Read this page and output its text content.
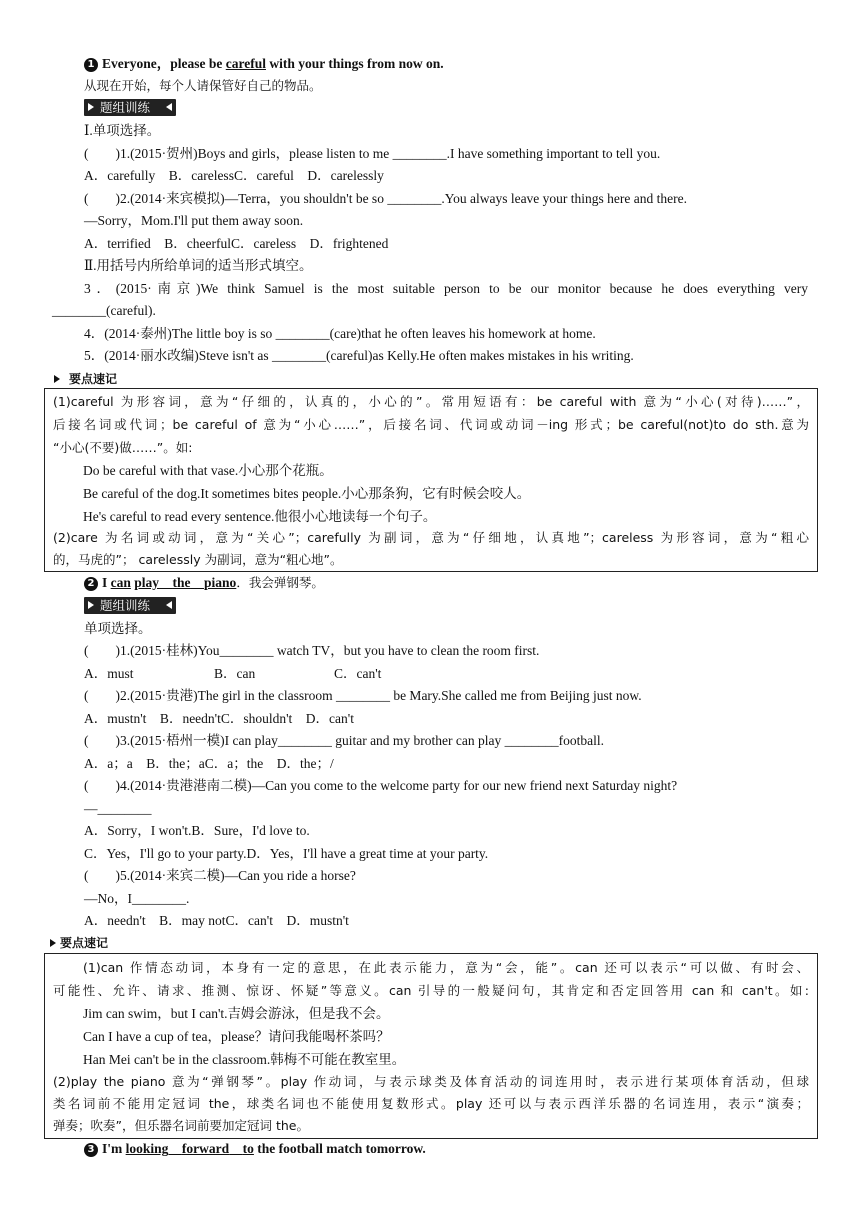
1 Everyone，please be careful with your things from now on.
从现在开始，每个人请保管好自己的物品。
题组训练
Ⅰ.单项选择。
(　　)1.(2015·贺州)Boys and girls，please listen to me ________.I have something important to tell you.
A．carefully　B．carelessC．careful　D．carelessly
(　　)2.(2014·来宾模拟)—Terra，you shouldn't be so ________.You always leave your things here and there.
—Sorry，Mom.I'll put them away soon.
A．terrified　B．cheerfulC．careless　D．frightened
Ⅱ.用括号内所给单词的适当形式填空。
3．(2015·南京)We think Samuel is the most suitable person to be our monitor because he does everything very
________(careful).
4．(2014·泰州)The little boy is so ________(care)that he often leaves his homework at home.
5．(2014·丽水改编)Steve isn't as ________(careful)as Kelly.He often makes mistakes in his writing.
要点速记
(1)careful 为形容词，意为“仔细的，认真的，小心的”。常用短语有：be careful with 意为“小心(对待)……”，
后接名词或代词；be careful of 意为“小心……”，后接名词、代词或动词－ing 形式；be careful(not)to do sth.意为
“小心(不要)做……”。如:
Do be careful with that vase.小心那个花瓶。
Be careful of the dog.It sometimes bites people.小心那条狗，它有时候会咬人。
He's careful to read every sentence.他很小心地读每一个句子。
(2)care 为名词或动词，意为“关心”；carefully 为副词，意为“仔细地，认真地”；careless 为形容词，意为“粗心
的，马虎的”； carelessly 为副词，意为“粗心地”。
2 I can play　 the　 piano．我会弹钢琴。
题组训练
单项选择。
(　　)1.(2015·桂林)You________ watch TV，but you have to clean the room first.
A．must	B．can	C．can't
(　　)2.(2015·贵港)The girl in the classroom ________ be Mary.She called me from Beijing just now.
A．mustn't　B．needn'tC．shouldn't　D．can't
(　　)3.(2015·梧州一模)I can play________ guitar and my brother can play ________football.
A．a；a　B．the；aC．a；the　D．the；/
(　　)4.(2014·贵港港南二模)—Can you come to the welcome party for our new friend next Saturday night?
—________
A．Sorry，I won't.B．Sure，I'd love to.
C．Yes，I'll go to your party.D．Yes，I'll have a great time at your party.
(　　)5.(2014·来宾二模)—Can you ride a horse?
—No，I________.
A．needn't　B．may notC．can't　D．mustn't
要点速记
(1)can 作情态动词，本身有一定的意思，在此表示能力，意为“会，能”。can 还可以表示“可以做、有时会、
可能性、允许、请求、推测、惊讶、怀疑”等意义。can 引导的一般疑问句，其肯定和否定回答用 can 和 can't。如:
Jim can swim，but I can't.吉姆会游泳，但是我不会。
Can I have a cup of tea，please？请问我能喝杯茶吗？
Han Mei can't be in the classroom.韩梅不可能在教室里。
(2)play the piano 意为“弹钢琴”。play 作动词，与表示球类及体育活动的词连用时，表示进行某项体育活动，但球
类名词前不能用定冠词 the，球类名词也不能使用复数形式。play 还可以与表示西洋乐器的名词连用，表示“演奏；
弹奏；吹奏”，但乐器名词前要加定冠词 the。
3 I'm looking　 forward　 to the football match tomorrow.
